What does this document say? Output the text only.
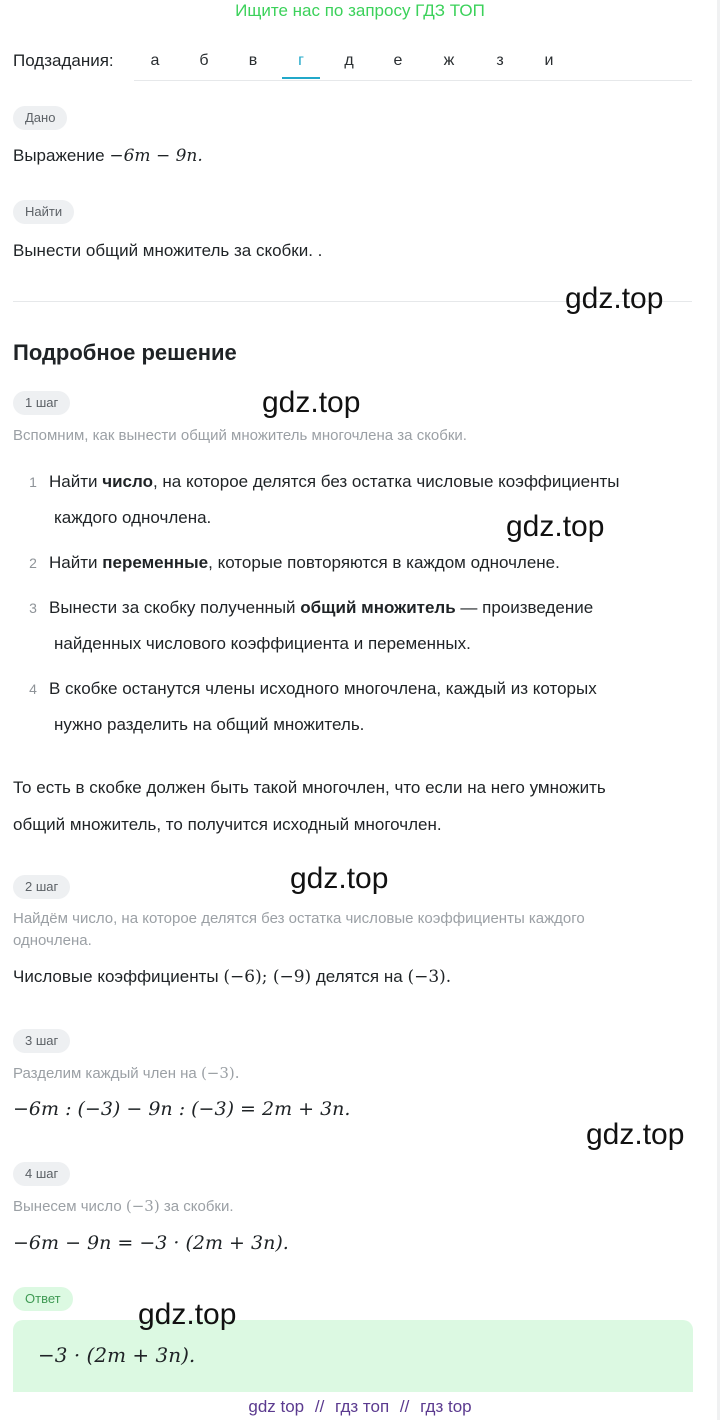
Ищите нас по запросу ГДЗ ТОП
Подзадания:	а	б	в	г	д	е	ж	з	и
Дано
Выражение −6m − 9n.
Найти
Вынести общий множитель за скобки. .
Подробное решение
1 шаг
Вспомним, как вынести общий множитель многочлена за скобки.
1 Найти число, на которое делятся без остатка числовые коэффициенты
каждого одночлена.
2 Найти переменные, которые повторяются в каждом одночлене.
3 Вынести за скобку полученный общий множитель — произведение
найденных числового коэффициента и переменных.
4 В скобке останутся члены исходного многочлена, каждый из которых
нужно разделить на общий множитель.
То есть в скобке должен быть такой многочлен, что если на него умножить
общий множитель, то получится исходный многочлен.
2 шаг
Найдём число, на которое делятся без остатка числовые коэффициенты каждого
одночлена.
Числовые коэффициенты (−6); (−9) делятся на (−3).
3 шаг
Разделим каждый член на (−3).
−6m : (−3) − 9n : (−3) = 2m + 3n.
4 шаг
Вынесем число (−3) за скобки.
−6m − 9n = −3 · (2m + 3n).
Ответ
−3 · (2m + 3n).
gdz.top
gdz.top
gdz.top
gdz.top
gdz.top
gdz.top
gdz top // гдз топ // гдз top
